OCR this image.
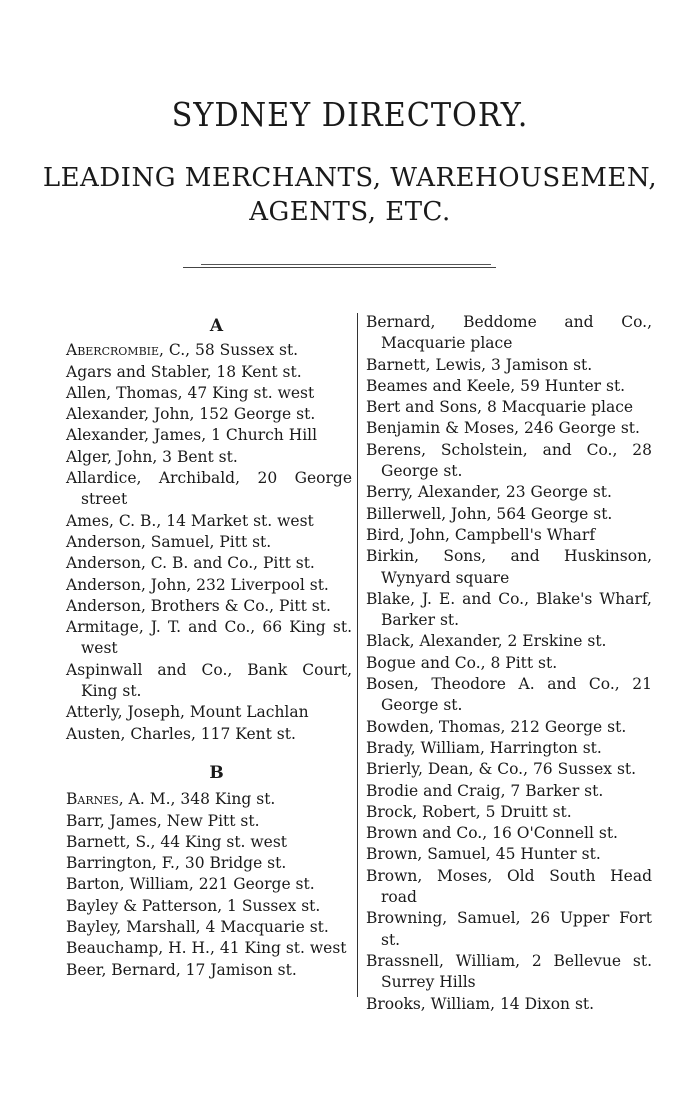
SYDNEY DIRECTORY.
LEADING MERCHANTS, WAREHOUSEMEN,
AGENTS, ETC.
A
Abercrombie, C., 58 Sussex st.
Agars and Stabler, 18 Kent st.
Allen, Thomas, 47 King st. west
Alexander, John, 152 George st.
Alexander, James, 1 Church Hill
Alger, John, 3 Bent st.
Allardice, Archibald, 20 George street
Ames, C. B., 14 Market st. west
Anderson, Samuel, Pitt st.
Anderson, C. B. and Co., Pitt st.
Anderson, John, 232 Liverpool st.
Anderson, Brothers & Co., Pitt st.
Armitage, J. T. and Co., 66 King st. west
Aspinwall and Co., Bank Court, King st.
Atterly, Joseph, Mount Lachlan
Austen, Charles, 117 Kent st.
B
Barnes, A. M., 348 King st.
Barr, James, New Pitt st.
Barnett, S., 44 King st. west
Barrington, F., 30 Bridge st.
Barton, William, 221 George st.
Bayley & Patterson, 1 Sussex st.
Bayley, Marshall, 4 Macquarie st.
Beauchamp, H. H., 41 King st. west
Beer, Bernard, 17 Jamison st.
Bernard, Beddome and Co., Macquarie place
Barnett, Lewis, 3 Jamison st.
Beames and Keele, 59 Hunter st.
Bert and Sons, 8 Macquarie place
Benjamin & Moses, 246 George st.
Berens, Scholstein, and Co., 28 George st.
Berry, Alexander, 23 George st.
Billerwell, John, 564 George st.
Bird, John, Campbell's Wharf
Birkin, Sons, and Huskinson, Wynyard square
Blake, J. E. and Co., Blake's Wharf, Barker st.
Black, Alexander, 2 Erskine st.
Bogue and Co., 8 Pitt st.
Bosen, Theodore A. and Co., 21 George st.
Bowden, Thomas, 212 George st.
Brady, William, Harrington st.
Brierly, Dean, & Co., 76 Sussex st.
Brodie and Craig, 7 Barker st.
Brock, Robert, 5 Druitt st.
Brown and Co., 16 O'Connell st.
Brown, Samuel, 45 Hunter st.
Brown, Moses, Old South Head road
Browning, Samuel, 26 Upper Fort st.
Brassnell, William, 2 Bellevue st. Surrey Hills
Brooks, William, 14 Dixon st.
